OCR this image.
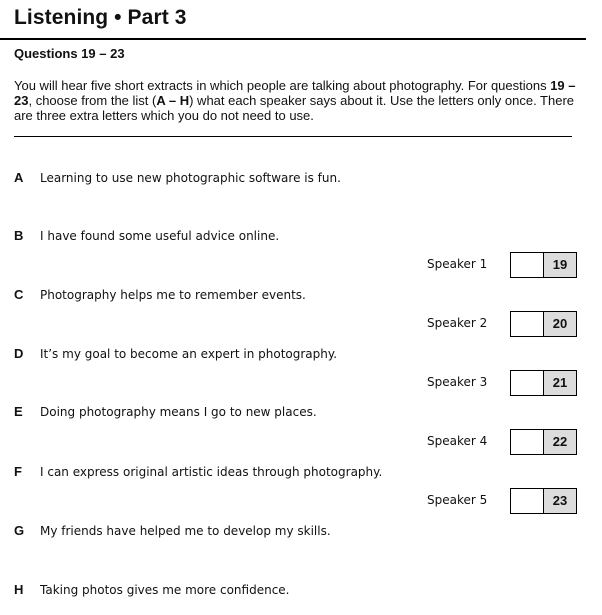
Listening • Part 3
Questions 19 – 23
You will hear five short extracts in which people are talking about photography. For questions 19 – 23, choose from the list (A – H) what each speaker says about it. Use the letters only once. There are three extra letters which you do not need to use.
A Learning to use new photographic software is fun.
B I have found some useful advice online.
C Photography helps me to remember events.
D It’s my goal to become an expert in photography.
E Doing photography means I go to new places.
F I can express original artistic ideas through photography.
G My friends have helped me to develop my skills.
H Taking photos gives me more confidence.
Speaker 1	19
Speaker 2	20
Speaker 3	21
Speaker 4	22
Speaker 5	23
